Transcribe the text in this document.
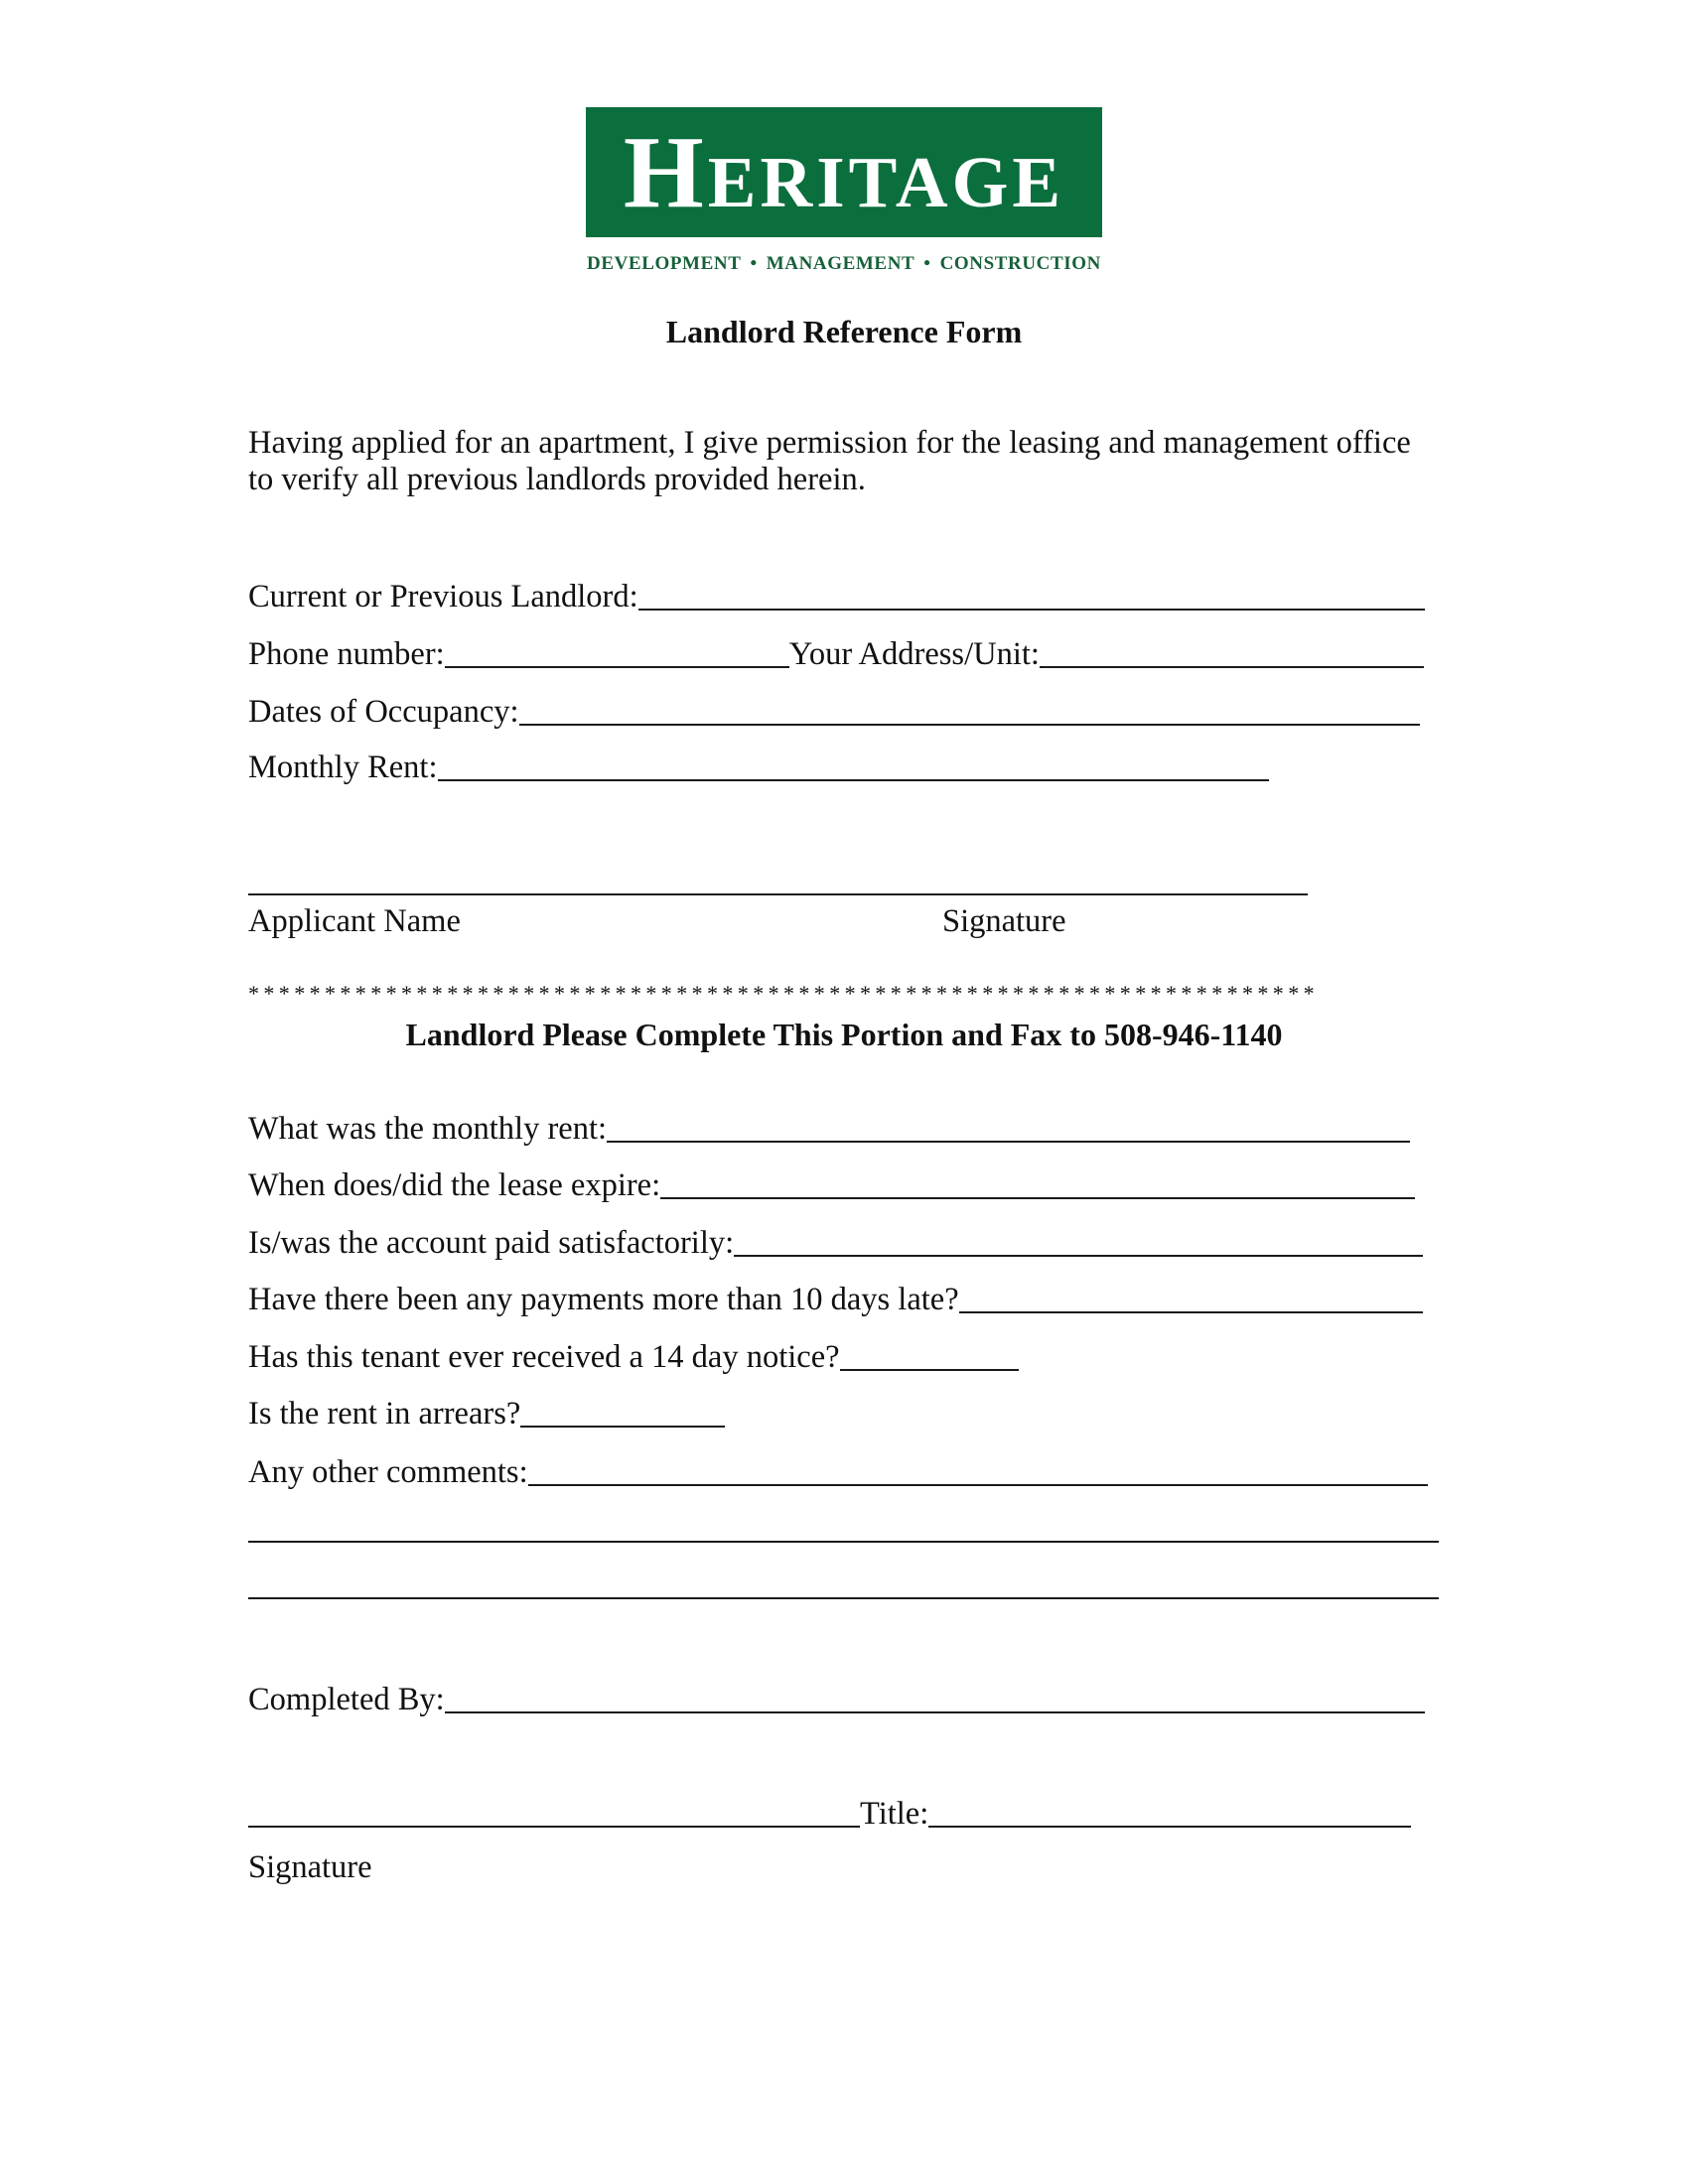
Heritage
DEVELOPMENT • MANAGEMENT • CONSTRUCTION
Landlord Reference Form
Having applied for an apartment, I give permission for the leasing and management office to verify all previous landlords provided herein.
Current or Previous Landlord:
Phone number:	Your Address/Unit:
Dates of Occupancy:
Monthly Rent:
Applicant Name	Signature
**********************************************************************
Landlord Please Complete This Portion and Fax to 508-946-1140
What was the monthly rent:
When does/did the lease expire:
Is/was the account paid satisfactorily:
Have there been any payments more than 10 days late?
Has this tenant ever received a 14 day notice?
Is the rent in arrears?
Any other comments:
Completed By:
Title:
Signature
